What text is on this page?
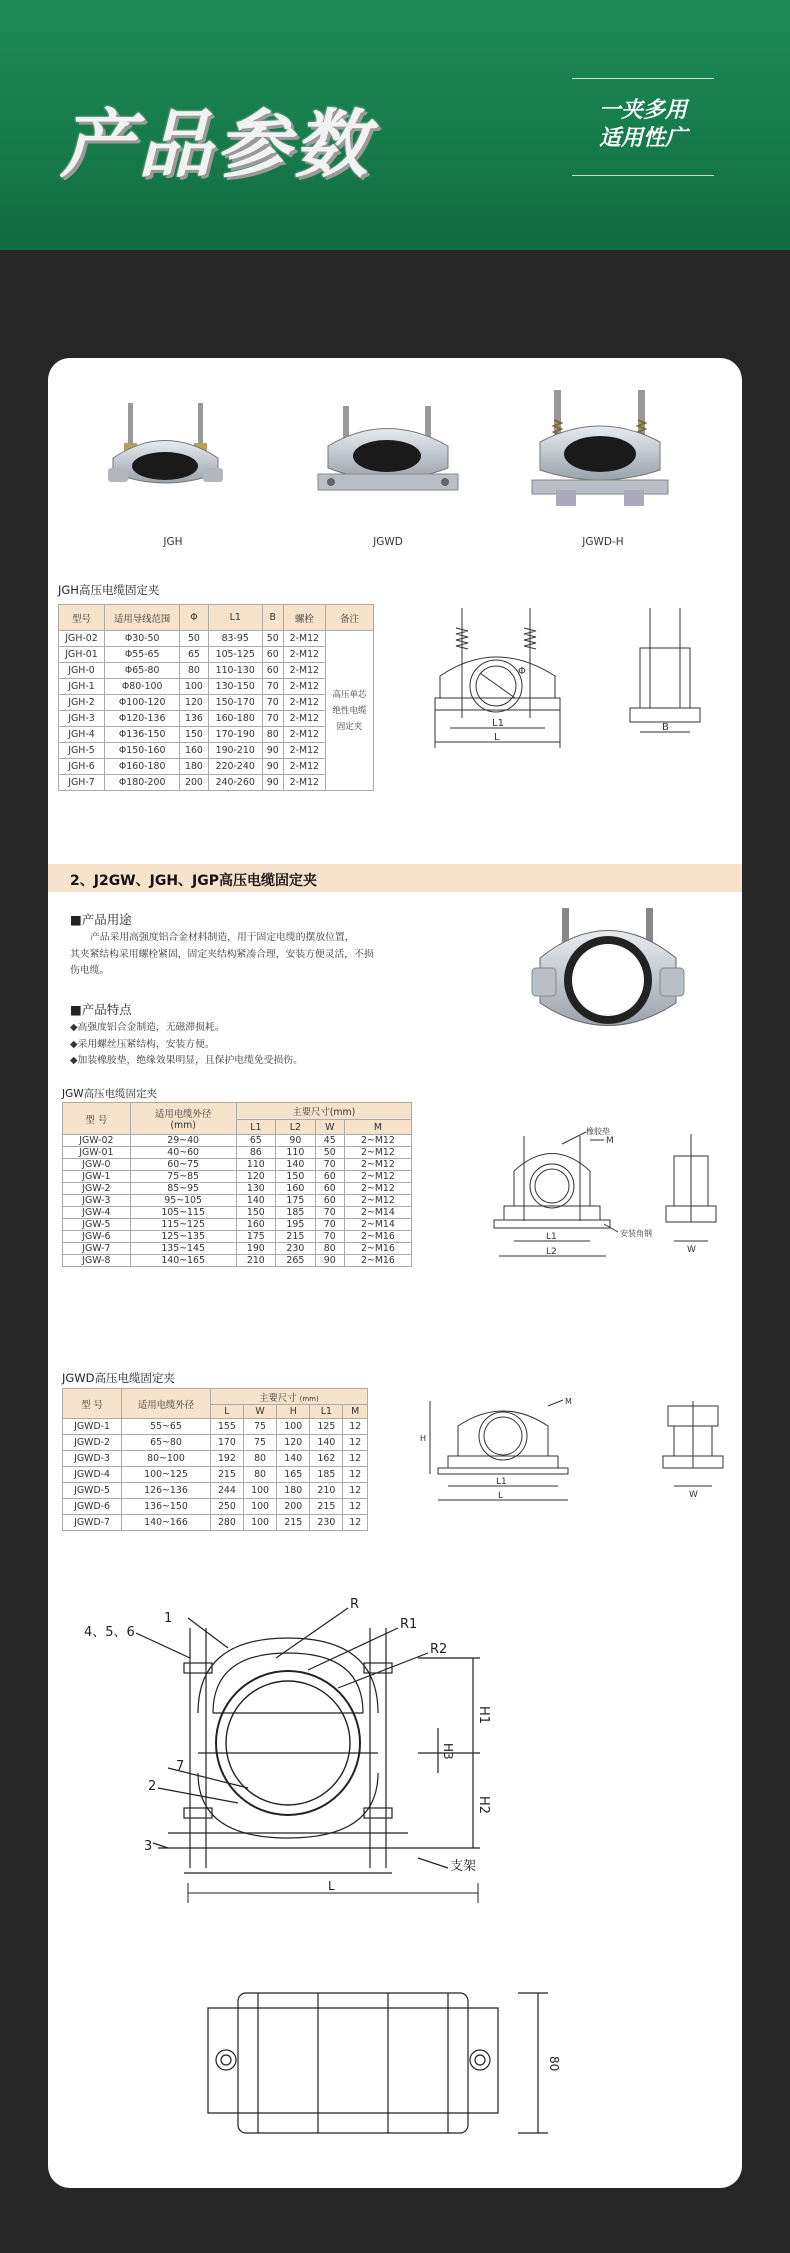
产品参数	一夹多用
适用性广
JGH	JGWD	JGWD-H
JGH高压电缆固定夹
型号	适用导线范围	Φ	L1	B	螺栓	备注
JGH-02	Φ30-50	50	83-95	50	2-M12	高压单芯
绝性电缆
固定夹

JGH-01	Φ55-65	65	105-125	60	2-M12	
JGH-0	Φ65-80	80	110-130	60	2-M12	
JGH-1	Φ80-100	100	130-150	70	2-M12	
JGH-2	Φ100-120	120	150-170	70	2-M12	
JGH-3	Φ120-136	136	160-180	70	2-M12	
JGH-4	Φ136-150	150	170-190	80	2-M12	
JGH-5	Φ150-160	160	190-210	90	2-M12	
JGH-6	Φ160-180	180	220-240	90	2-M12	
JGH-7	Φ180-200	200	240-260	90	2-M12	
Φ
L1
L
B
2、J2GW、JGH、JGP高压电缆固定夹
■产品用途
产品采用高强度铝合金材料制造，用于固定电缆的摆放位置，
其夹紧结构采用螺栓紧固，固定夹结构紧凑合理，安装方便灵活，不损
伤电缆。
■产品特点
◆高强度铝合金制造，无磁滞损耗。
◆采用螺丝压紧结构，安装方便。
◆加装橡胶垫，绝缘效果明显，且保护电缆免受损伤。
JGW高压电缆固定夹
型 号	适用电缆外径
(mm)	主要尺寸(mm)			
		L1	L2	W	M
JGW-02	29~40	65	90	45	2~M12
JGW-01	40~60	86	110	50	2~M12
JGW-0	60~75	110	140	70	2~M12
JGW-1	75~85	120	150	60	2~M12
JGW-2	85~95	130	160	60	2~M12
JGW-3	95~105	140	175	60	2~M12
JGW-4	105~115	150	185	70	2~M14
JGW-5	115~125	160	195	70	2~M14
JGW-6	125~135	175	215	70	2~M16
JGW-7	135~145	190	230	80	2~M16
JGW-8	140~165	210	265	90	2~M16
橡胶垫
M
安装角钢
L1
L2	W
JGWD高压电缆固定夹
型 号	适用电缆外径	主要尺寸 (mm)				
		L	W	H	L1	M
JGWD-1	55~65	155	75	100	125	12
JGWD-2	65~80	170	75	120	140	12
JGWD-3	80~100	192	80	140	162	12
JGWD-4	100~125	215	80	165	185	12
JGWD-5	126~136	244	100	180	210	12
JGWD-6	136~150	250	100	200	215	12
JGWD-7	140~166	280	100	215	230	12
M
H
L1
L	W
1
4、5、6
7
2
3
R
R1
R2
H1
H2
H3
支架
L
80
